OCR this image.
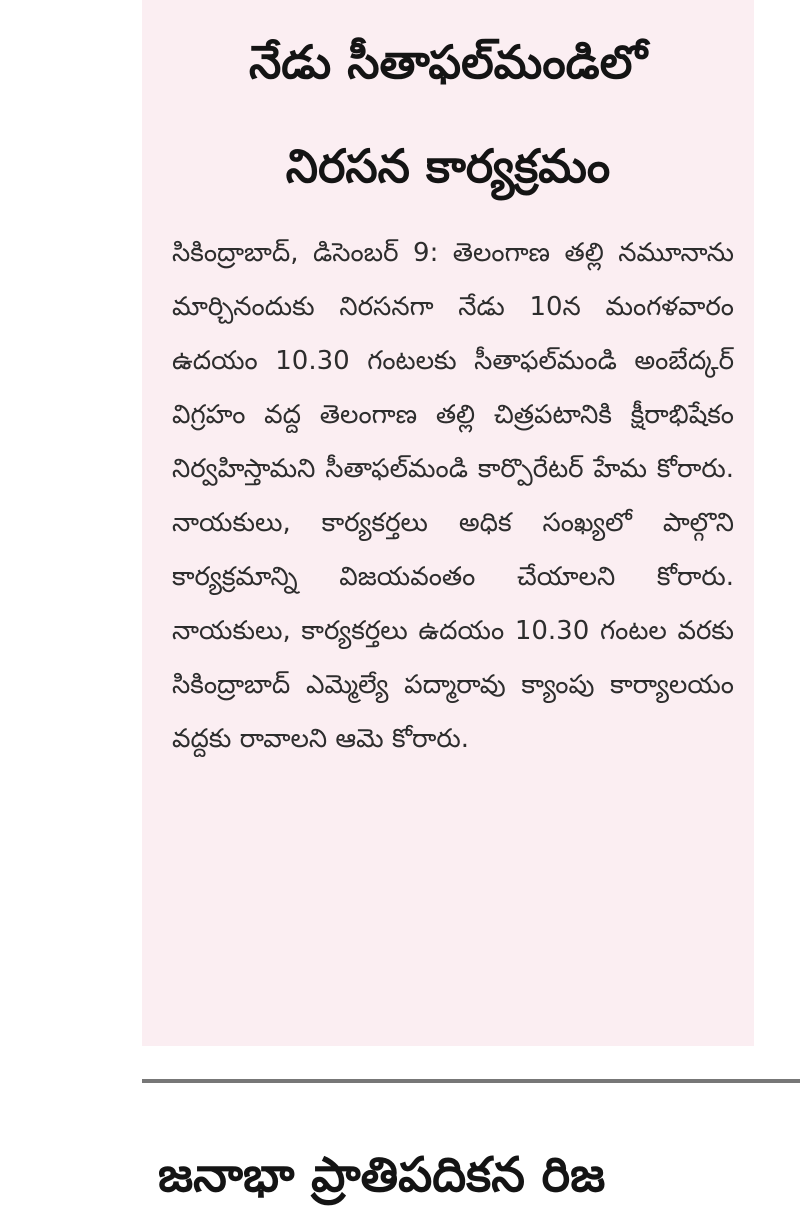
నేడు సీతాఫల్‌మండిలో
నిరసన కార్యక్రమం

సికింద్రాబాద్, డిసెంబర్ 9: తెలంగాణ తల్లి నమూనాను మార్చినందుకు నిరసనగా నేడు 10న మంగళవారం ఉదయం 10.30 గంటలకు సీతాఫల్‌మండి అంబేద్కర్ విగ్రహం వద్ద తెలంగాణ తల్లి చిత్రపటానికి క్షీరాభిషేకం నిర్వహిస్తామని సీతాఫల్‌మండి కార్పొరేటర్ హేమ కోరారు. నాయకులు, కార్యకర్తలు అధిక సంఖ్యలో పాల్గొని కార్యక్రమాన్ని విజయవంతం చేయాలని కోరారు. నాయకులు, కార్యకర్తలు ఉదయం 10.30 గంటల వరకు సికింద్రాబాద్ ఎమ్మెల్యే పద్మారావు క్యాంపు కార్యాలయం వద్దకు రావాలని ఆమె కోరారు.

జనాభా ప్రాతిపదికన రిజ
